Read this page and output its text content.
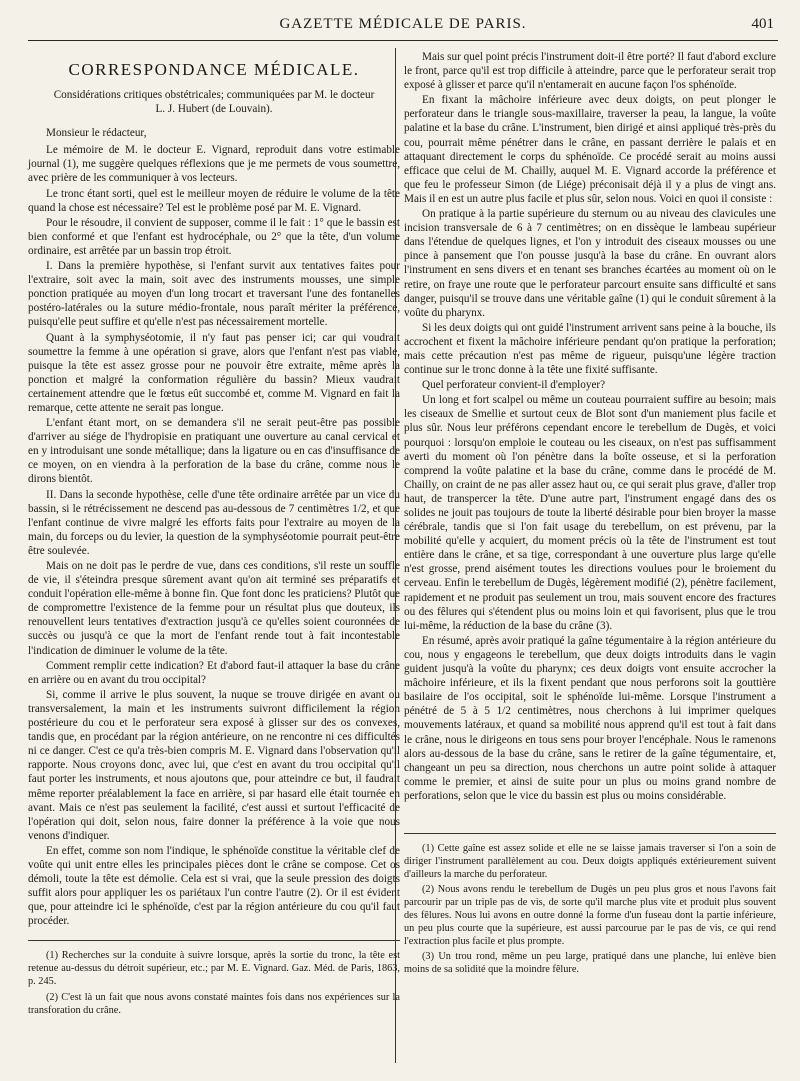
GAZETTE MÉDICALE DE PARIS.	401
CORRESPONDANCE MÉDICALE.
Considérations critiques obstétricales; communiquées par M. le docteur L. J. Hubert (de Louvain).

Monsieur le rédacteur,

Le mémoire de M. le docteur E. Vignard, reproduit dans votre estimable journal (1), me suggère quelques réflexions que je me permets de vous soumettre, avec prière de les communiquer à vos lecteurs.

Le tronc étant sorti, quel est le meilleur moyen de réduire le volume de la tête quand la chose est nécessaire? Tel est le problème posé par M. E. Vignard.

Pour le résoudre, il convient de supposer, comme il le fait : 1° que le bassin est bien conformé et que l'enfant est hydrocéphale, ou 2° que la tête, d'un volume ordinaire, est arrêtée par un bassin trop étroit.

I. Dans la première hypothèse, si l'enfant survit aux tentatives faites pour l'extraire, soit avec la main, soit avec des instruments mousses, une simple ponction pratiquée au moyen d'un long trocart et traversant l'une des fontanelles postéro-latérales ou la suture médio-frontale, nous paraît mériter la préférence, puisqu'elle peut suffire et qu'elle n'est pas nécessairement mortelle.

Quant à la symphyséotomie, il n'y faut pas penser ici; car qui voudrait soumettre la femme à une opération si grave, alors que l'enfant n'est pas viable, puisque la tête est assez grosse pour ne pouvoir être extraite, même après la ponction et malgré la conformation régulière du bassin? Mieux vaudrait certainement attendre que le fœtus eût succombé et, comme M. Vignard en fait la remarque, cette attente ne serait pas longue.

L'enfant étant mort, on se demandera s'il ne serait peut-être pas possible d'arriver au siége de l'hydropisie en pratiquant une ouverture au canal cervical et en y introduisant une sonde métallique; dans la ligature ou en cas d'insuffisance de ce moyen, on en viendra à la perforation de la base du crâne, comme nous le dirons bientôt.

II. Dans la seconde hypothèse, celle d'une tête ordinaire arrêtée par un vice du bassin, si le rétrécissement ne descend pas au-dessous de 7 centimètres 1/2, et que l'enfant continue de vivre malgré les efforts faits pour l'extraire au moyen de la main, du forceps ou du levier, la question de la symphyséotomie pourrait peut-être être soulevée.

Mais on ne doit pas le perdre de vue, dans ces conditions, s'il reste un souffle de vie, il s'éteindra presque sûrement avant qu'on ait terminé ses préparatifs et conduit l'opération elle-même à bonne fin. Que font donc les praticiens? Plutôt que de compromettre l'existence de la femme pour un résultat plus que douteux, ils renouvellent leurs tentatives d'extraction jusqu'à ce qu'elles soient couronnées de succès ou jusqu'à ce que la mort de l'enfant rende tout à fait incontestable l'indication de diminuer le volume de la tête.

Comment remplir cette indication? Et d'abord faut-il attaquer la base du crâne en arrière ou en avant du trou occipital?

Si, comme il arrive le plus souvent, la nuque se trouve dirigée en avant ou transversalement, la main et les instruments suivront difficilement la région postérieure du cou et le perforateur sera exposé à glisser sur des os convexes, tandis que, en procédant par la région antérieure, on ne rencontre ni ces difficultés ni ce danger. C'est ce qu'a très-bien compris M. E. Vignard dans l'observation qu'il rapporte. Nous croyons donc, avec lui, que c'est en avant du trou occipital qu'il faut porter les instruments, et nous ajoutons que, pour atteindre ce but, il faudrait même reporter préalablement la face en arrière, si par hasard elle était tournée en avant. Mais ce n'est pas seulement la facilité, c'est aussi et surtout l'efficacité de l'opération qui doit, selon nous, faire donner la préférence à la voie que nous venons d'indiquer.

En effet, comme son nom l'indique, le sphénoïde constitue la véritable clef de voûte qui unit entre elles les principales pièces dont le crâne se compose. Cet os démoli, toute la tête est démolie. Cela est si vrai, que la seule pression des doigts suffit alors pour appliquer les os pariétaux l'un contre l'autre (2). Or il est évident que, pour atteindre ici le sphénoïde, c'est par la région antérieure du cou qu'il faut procéder.

(1) Recherches sur la conduite à suivre lorsque, après la sortie du tronc, la tête est retenue au-dessus du détroit supérieur, etc.; par M. E. Vignard. Gaz. Méd. de Paris, 1863, p. 245.

(2) C'est là un fait que nous avons constaté maintes fois dans nos expériences sur la transforation du crâne.

Mais sur quel point précis l'instrument doit-il être porté? Il faut d'abord exclure le front, parce qu'il est trop difficile à atteindre, parce que le perforateur serait trop exposé à glisser et parce qu'il n'entamerait en aucune façon l'os sphénoïde.

En fixant la mâchoire inférieure avec deux doigts, on peut plonger le perforateur dans le triangle sous-maxillaire, traverser la peau, la langue, la voûte palatine et la base du crâne. L'instrument, bien dirigé et ainsi appliqué très-près du cou, pourrait même pénétrer dans le crâne, en passant derrière le palais et en attaquant directement le corps du sphénoïde. Ce procédé serait au moins aussi efficace que celui de M. Chailly, auquel M. E. Vignard accorde la préférence et que feu le professeur Simon (de Liége) préconisait déjà il y a plus de vingt ans. Mais il en est un autre plus facile et plus sûr, selon nous. Voici en quoi il consiste :

On pratique à la partie supérieure du sternum ou au niveau des clavicules une incision transversale de 6 à 7 centimètres; on en dissèque le lambeau supérieur dans l'étendue de quelques lignes, et l'on y introduit des ciseaux mousses ou une pince à pansement que l'on pousse jusqu'à la base du crâne. En ouvrant alors l'instrument en sens divers et en tenant ses branches écartées au moment où on le retire, on fraye une route que le perforateur parcourt ensuite sans difficulté et sans danger, puisqu'il se trouve dans une véritable gaîne (1) qui le conduit sûrement à la voûte du pharynx.

Si les deux doigts qui ont guidé l'instrument arrivent sans peine à la bouche, ils accrochent et fixent la mâchoire inférieure pendant qu'on pratique la perforation; mais cette précaution n'est pas même de rigueur, puisqu'une légère traction continue sur le tronc donne à la tête une fixité suffisante.

Quel perforateur convient-il d'employer?

Un long et fort scalpel ou même un couteau pourraient suffire au besoin; mais les ciseaux de Smellie et surtout ceux de Blot sont d'un maniement plus facile et plus sûr. Nous leur préférons cependant encore le terebellum de Dugès, et voici pourquoi : lorsqu'on emploie le couteau ou les ciseaux, on n'est pas suffisamment averti du moment où l'on pénètre dans la boîte osseuse, et si la perforation comprend la voûte palatine et la base du crâne, comme dans le procédé de M. Chailly, on craint de ne pas aller assez haut ou, ce qui serait plus grave, d'aller trop haut, de transpercer la tête. D'une autre part, l'instrument engagé dans des os solides ne jouit pas toujours de toute la liberté désirable pour bien broyer la masse cérébrale, tandis que si l'on fait usage du terebellum, on est prévenu, par la mobilité qu'elle y acquiert, du moment précis où la tête de l'instrument est tout entière dans le crâne, et sa tige, correspondant à une ouverture plus large qu'elle n'est grosse, prend aisément toutes les directions voulues pour le broiement du cerveau. Enfin le terebellum de Dugès, légèrement modifié (2), pénètre facilement, rapidement et ne produit pas seulement un trou, mais souvent encore des fractures ou des fêlures qui s'étendent plus ou moins loin et qui favorisent, plus que le trou lui-même, la réduction de la base du crâne (3).

En résumé, après avoir pratiqué la gaîne tégumentaire à la région antérieure du cou, nous y engageons le terebellum, que deux doigts introduits dans le vagin guident jusqu'à la voûte du pharynx; ces deux doigts vont ensuite accrocher la mâchoire inférieure, et ils la fixent pendant que nous perforons soit la gouttière basilaire de l'os occipital, soit le sphénoïde lui-même. Lorsque l'instrument a pénétré de 5 à 5 1/2 centimètres, nous cherchons à lui imprimer quelques mouvements latéraux, et quand sa mobilité nous apprend qu'il est tout à fait dans le crâne, nous le dirigeons en tous sens pour broyer l'encéphale. Nous le ramenons alors au-dessous de la base du crâne, sans le retirer de la gaîne tégumentaire, et, changeant un peu sa direction, nous cherchons un autre point solide à attaquer comme le premier, et ainsi de suite pour un plus ou moins grand nombre de perforations, selon que le vice du bassin est plus ou moins considérable.

(1) Cette gaîne est assez solide et elle ne se laisse jamais traverser si l'on a soin de diriger l'instrument parallèlement au cou. Deux doigts appliqués extérieurement suivent d'ailleurs la marche du perforateur.

(2) Nous avons rendu le terebellum de Dugès un peu plus gros et nous l'avons fait parcourir par un triple pas de vis, de sorte qu'il marche plus vite et produit plus souvent des fêlures. Nous lui avons en outre donné la forme d'un fuseau dont la partie inférieure, un peu plus courte que la supérieure, est aussi parcourue par le pas de vis, ce qui rend l'extraction plus facile et plus prompte.

(3) Un trou rond, même un peu large, pratiqué dans une planche, lui enlève bien moins de sa solidité que la moindre fêlure.
